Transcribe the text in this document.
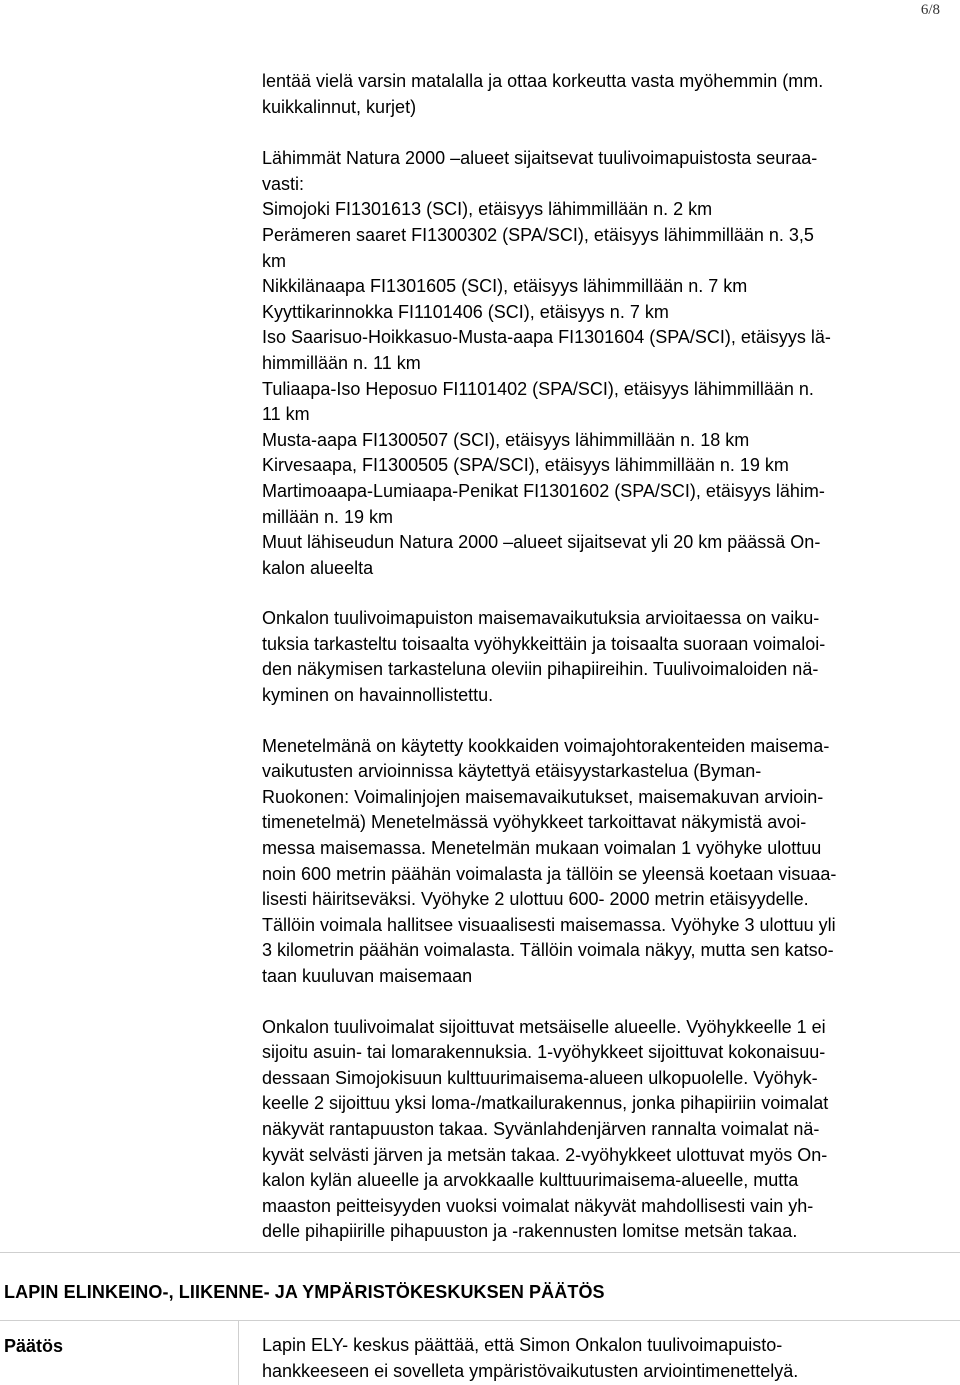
6/8
lentää vielä varsin matalalla ja ottaa korkeutta vasta myöhemmin (mm.
kuikkalinnut, kurjet)
Lähimmät Natura 2000 –alueet sijaitsevat tuulivoimapuistosta seuraa-
vasti:
Simojoki FI1301613 (SCI), etäisyys lähimmillään n. 2 km
Perämeren saaret FI1300302 (SPA/SCI), etäisyys lähimmillään n. 3,5
km
Nikkilänaapa FI1301605 (SCI), etäisyys lähimmillään n. 7 km
Kyyttikarinnokka FI1101406 (SCI), etäisyys n. 7 km
Iso Saarisuo-Hoikkasuo-Musta-aapa FI1301604 (SPA/SCI), etäisyys lä-
himmillään n. 11 km
Tuliaapa-Iso Heposuo FI1101402 (SPA/SCI), etäisyys lähimmillään n.
11 km
Musta-aapa FI1300507 (SCI), etäisyys lähimmillään n. 18 km
Kirvesaapa, FI1300505 (SPA/SCI), etäisyys lähimmillään n. 19 km
Martimoaapa-Lumiaapa-Penikat FI1301602 (SPA/SCI), etäisyys lähim-
millään n. 19 km
Muut lähiseudun Natura 2000 –alueet sijaitsevat yli 20 km päässä On-
kalon alueelta
Onkalon tuulivoimapuiston maisemavaikutuksia arvioitaessa on vaiku-
tuksia tarkasteltu toisaalta vyöhykkeittäin ja toisaalta suoraan voimaloi-
den näkymisen tarkasteluna oleviin pihapiireihin. Tuulivoimaloiden nä-
kyminen on havainnollistettu.
Menetelmänä on käytetty kookkaiden voimajohtorakenteiden maisema-
vaikutusten arvioinnissa käytettyä etäisyystarkastelua (Byman-
Ruokonen: Voimalinjojen maisemavaikutukset, maisemakuvan arvioin-
timenetelmä) Menetelmässä vyöhykkeet tarkoittavat näkymistä avoi-
messa maisemassa. Menetelmän mukaan voimalan 1 vyöhyke ulottuu
noin 600 metrin päähän voimalasta ja tällöin se yleensä koetaan visuaa-
lisesti häiritseväksi. Vyöhyke 2 ulottuu 600- 2000 metrin etäisyydelle.
Tällöin voimala hallitsee visuaalisesti maisemassa. Vyöhyke 3 ulottuu yli
3 kilometrin päähän voimalasta. Tällöin voimala näkyy, mutta sen katso-
taan kuuluvan maisemaan
Onkalon tuulivoimalat sijoittuvat metsäiselle alueelle. Vyöhykkeelle 1 ei
sijoitu asuin- tai lomarakennuksia. 1-vyöhykkeet sijoittuvat kokonaisuu-
dessaan Simojokisuun kulttuurimaisema-alueen ulkopuolelle. Vyöhyk-
keelle 2 sijoittuu yksi loma-/matkailurakennus, jonka pihapiiriin voimalat
näkyvät rantapuuston takaa. Syvänlahdenjärven rannalta voimalat nä-
kyvät selvästi järven ja metsän takaa. 2-vyöhykkeet ulottuvat myös On-
kalon kylän alueelle ja arvokkaalle kulttuurimaisema-alueelle, mutta
maaston peitteisyyden vuoksi voimalat näkyvät mahdollisesti vain yh-
delle pihapiirille pihapuuston ja -rakennusten lomitse metsän takaa.
LAPIN ELINKEINO-, LIIKENNE- JA YMPÄRISTÖKESKUKSEN PÄÄTÖS
Päätös	Lapin ELY- keskus päättää, että Simon Onkalon tuulivoimapuisto-
hankkeeseen ei sovelleta ympäristövaikutusten arviointimenettelyä.
